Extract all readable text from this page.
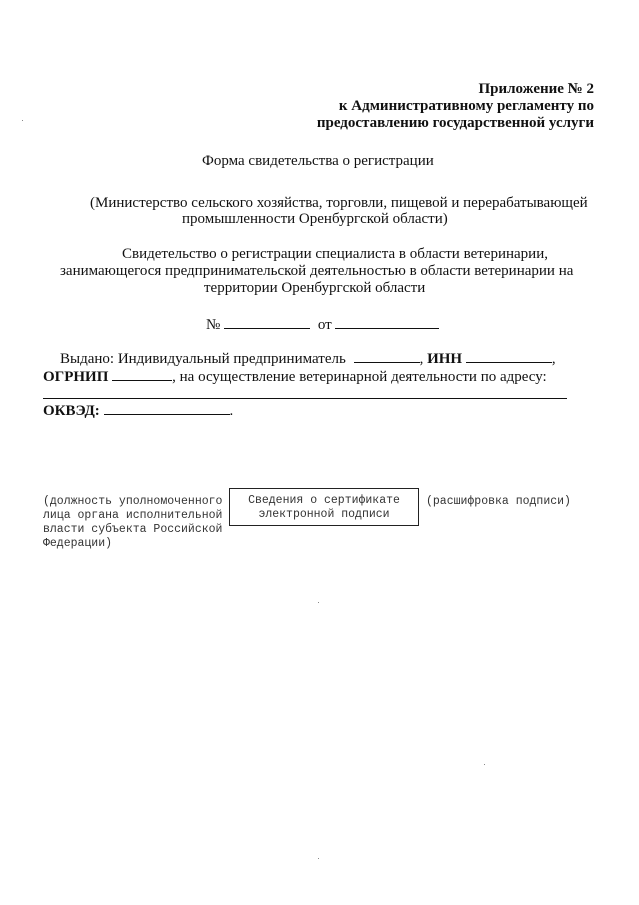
Приложение № 2
к Административному регламенту по
предоставлению государственной услуги
Форма свидетельства о регистрации
(Министерство сельского хозяйства, торговли, пищевой и перерабатывающей
промышленности Оренбургской области)
Свидетельство о регистрации специалиста в области ветеринарии,
занимающегося предпринимательской деятельностью в области ветеринарии на
территории Оренбургской области
№	от
Выдано: Индивидуальный предприниматель	, ИНН	,
ОГРНИП	, на осуществление ветеринарной деятельности по адресу:
ОКВЭД:	.
(должность уполномоченного
лица органа исполнительной
власти субъекта Российской
Федерации)
Сведения о сертификате
электронной подписи
(расшифровка подписи)
